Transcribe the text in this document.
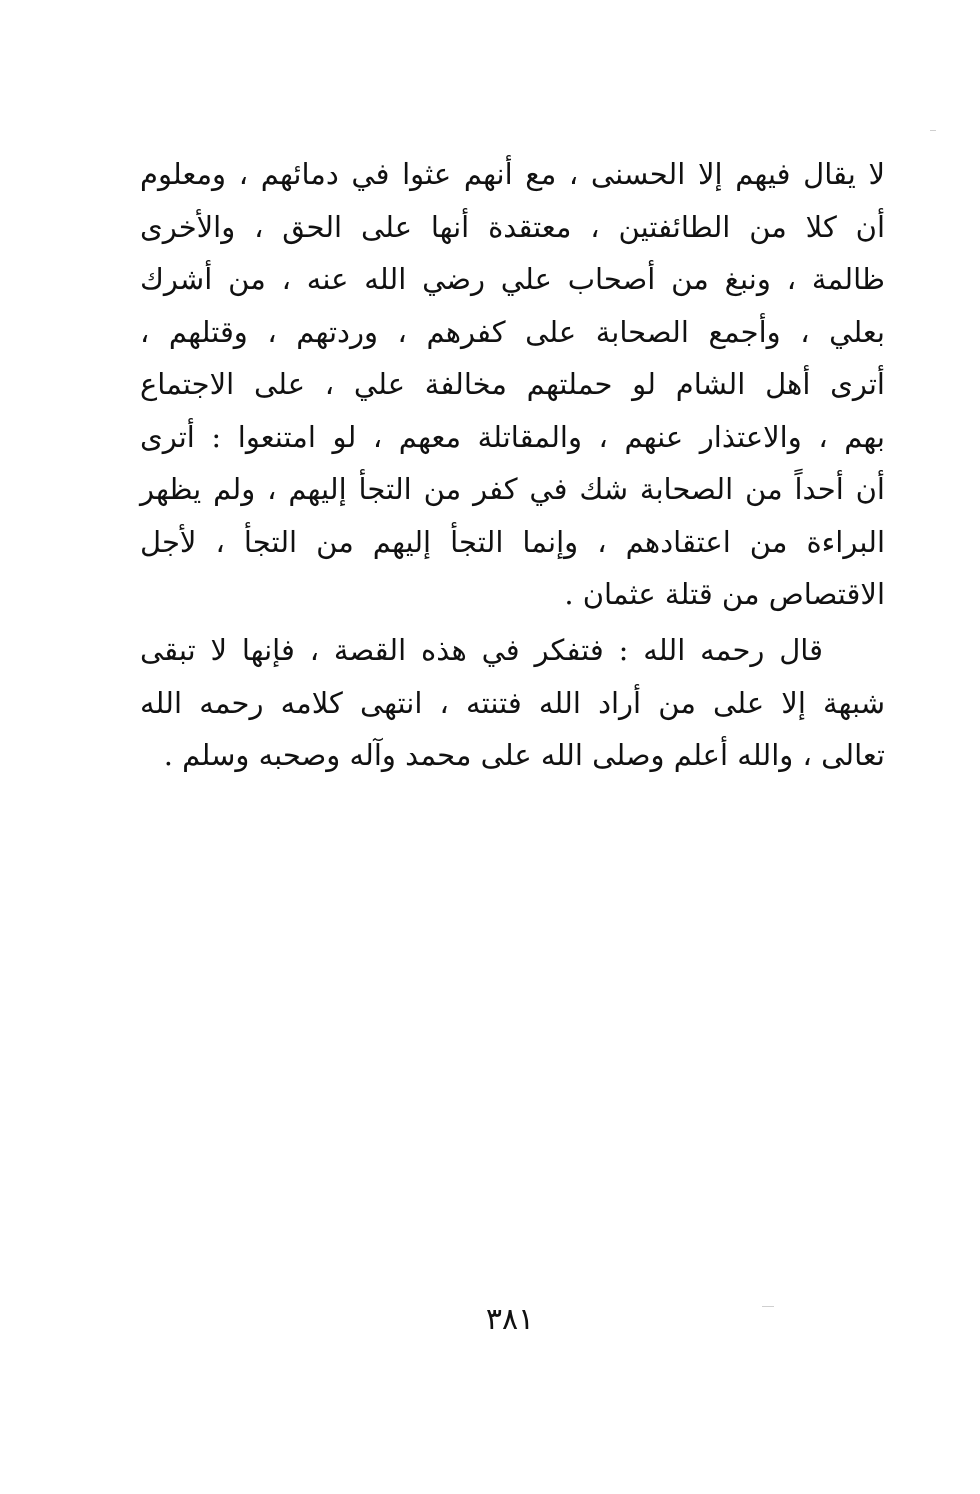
لا يقال فيهم إلا الحسنى ، مع أنهم عثوا في دمائهم ، ومعلوم
أن كلا من الطائفتين ، معتقدة أنها على الحق ، والأخرى
ظالمة ، ونبغ من أصحاب علي رضي الله عنه ، من أشرك
بعلي ، وأجمع الصحابة على كفرهم ، وردتهم ، وقتلهم ،
أترى أهل الشام لو حملتهم مخالفة علي ، على الاجتماع
بهم ، والاعتذار عنهم ، والمقاتلة معهم ، لو امتنعوا : أترى
أن أحداً من الصحابة شك في كفر من التجأ إليهم ، ولم يظهر
البراءة من اعتقادهم ، وإنما التجأ إليهم من التجأ ، لأجل
الاقتصاص من قتلة عثمان .
قال رحمه الله : فتفكر في هذه القصة ، فإنها لا تبقى
شبهة إلا على من أراد الله فتنته ، انتهى كلامه رحمه الله
تعالى ، والله أعلم وصلى الله على محمد وآله وصحبه وسلم .
٣٨١
